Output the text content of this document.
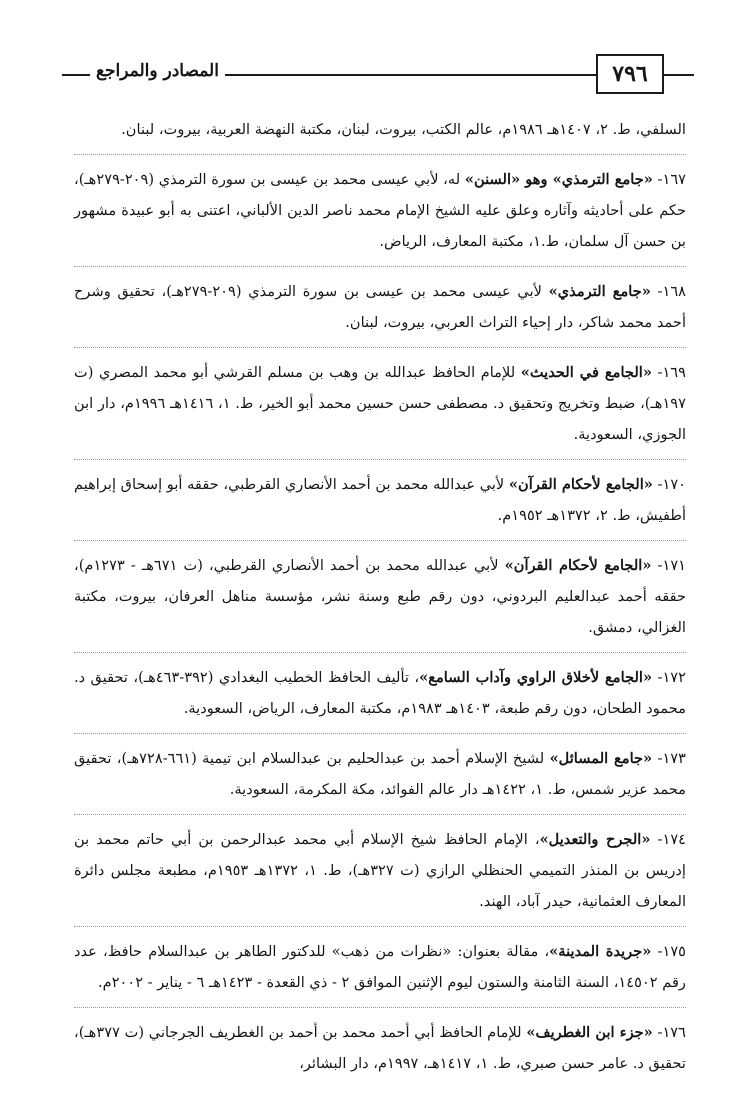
٧٩٦
المصادر والمراجع

السلفي، ط. ٢، ١٤٠٧هـ ١٩٨٦م، عالم الكتب، بيروت، لبنان، مكتبة النهضة العربية، بيروت، لبنان.

١٦٧- «جامع الترمذي» وهو «السنن» له، لأبي عيسى محمد بن عيسى بن سورة الترمذي (٢٠٩-٢٧٩هـ)، حكم على أحاديثه وآثاره وعلق عليه الشيخ الإمام محمد ناصر الدين الألباني، اعتنى به أبو عبيدة مشهور بن حسن آل سلمان، ط.١، مكتبة المعارف، الرياض.

١٦٨- «جامع الترمذي» لأبي عيسى محمد بن عيسى بن سورة الترمذي (٢٠٩-٢٧٩هـ)، تحقيق وشرح أحمد محمد شاكر، دار إحياء التراث العربي، بيروت، لبنان.

١٦٩- «الجامع في الحديث» للإمام الحافظ عبدالله بن وهب بن مسلم القرشي أبو محمد المصري (ت ١٩٧هـ)، ضبط وتخريج وتحقيق د. مصطفى حسن حسين محمد أبو الخير، ط. ١، ١٤١٦هـ ١٩٩٦م، دار ابن الجوزي، السعودية.

١٧٠- «الجامع لأحكام القرآن» لأبي عبدالله محمد بن أحمد الأنصاري القرطبي، حققه أبو إسحاق إبراهيم أطفيش، ط. ٢، ١٣٧٢هـ ١٩٥٢م.

١٧١- «الجامع لأحكام القرآن» لأبي عبدالله محمد بن أحمد الأنصاري القرطبي، (ت ٦٧١هـ - ١٢٧٣م)، حققه أحمد عبدالعليم البردوني، دون رقم طبع وسنة نشر، مؤسسة مناهل العرفان، بيروت، مكتبة الغزالي، دمشق.

١٧٢- «الجامع لأخلاق الراوي وآداب السامع»، تأليف الحافظ الخطيب البغدادي (٣٩٢-٤٦٣هـ)، تحقيق د. محمود الطحان، دون رقم طبعة، ١٤٠٣هـ ١٩٨٣م، مكتبة المعارف، الرياض، السعودية.

١٧٣- «جامع المسائل» لشيخ الإسلام أحمد بن عبدالحليم بن عبدالسلام ابن تيمية (٦٦١-٧٢٨هـ)، تحقيق محمد عزير شمس، ط. ١، ١٤٢٢هـ دار عالم الفوائد، مكة المكرمة، السعودية.

١٧٤- «الجرح والتعديل»، الإمام الحافظ شيخ الإسلام أبي محمد عبدالرحمن بن أبي حاتم محمد بن إدريس بن المنذر التميمي الحنظلي الرازي (ت ٣٢٧هـ)، ط. ١، ١٣٧٢هـ ١٩٥٣م، مطبعة مجلس دائرة المعارف العثمانية، حيدر آباد، الهند.

١٧٥- «جريدة المدينة»، مقالة بعنوان: «نظرات من ذهب» للدكتور الطاهر بن عبدالسلام حافظ، عدد رقم ١٤٥٠٢، السنة الثامنة والستون ليوم الإثنين الموافق ٢ - ذي القعدة - ١٤٢٣هـ ٦ - يناير - ٢٠٠٢م.

١٧٦- «جزء ابن الغطريف» للإمام الحافظ أبي أحمد محمد بن أحمد بن الغطريف الجرجاني (ت ٣٧٧هـ)، تحقيق د. عامر حسن صبري، ط. ١، ١٤١٧هـ، ١٩٩٧م، دار البشائر،
